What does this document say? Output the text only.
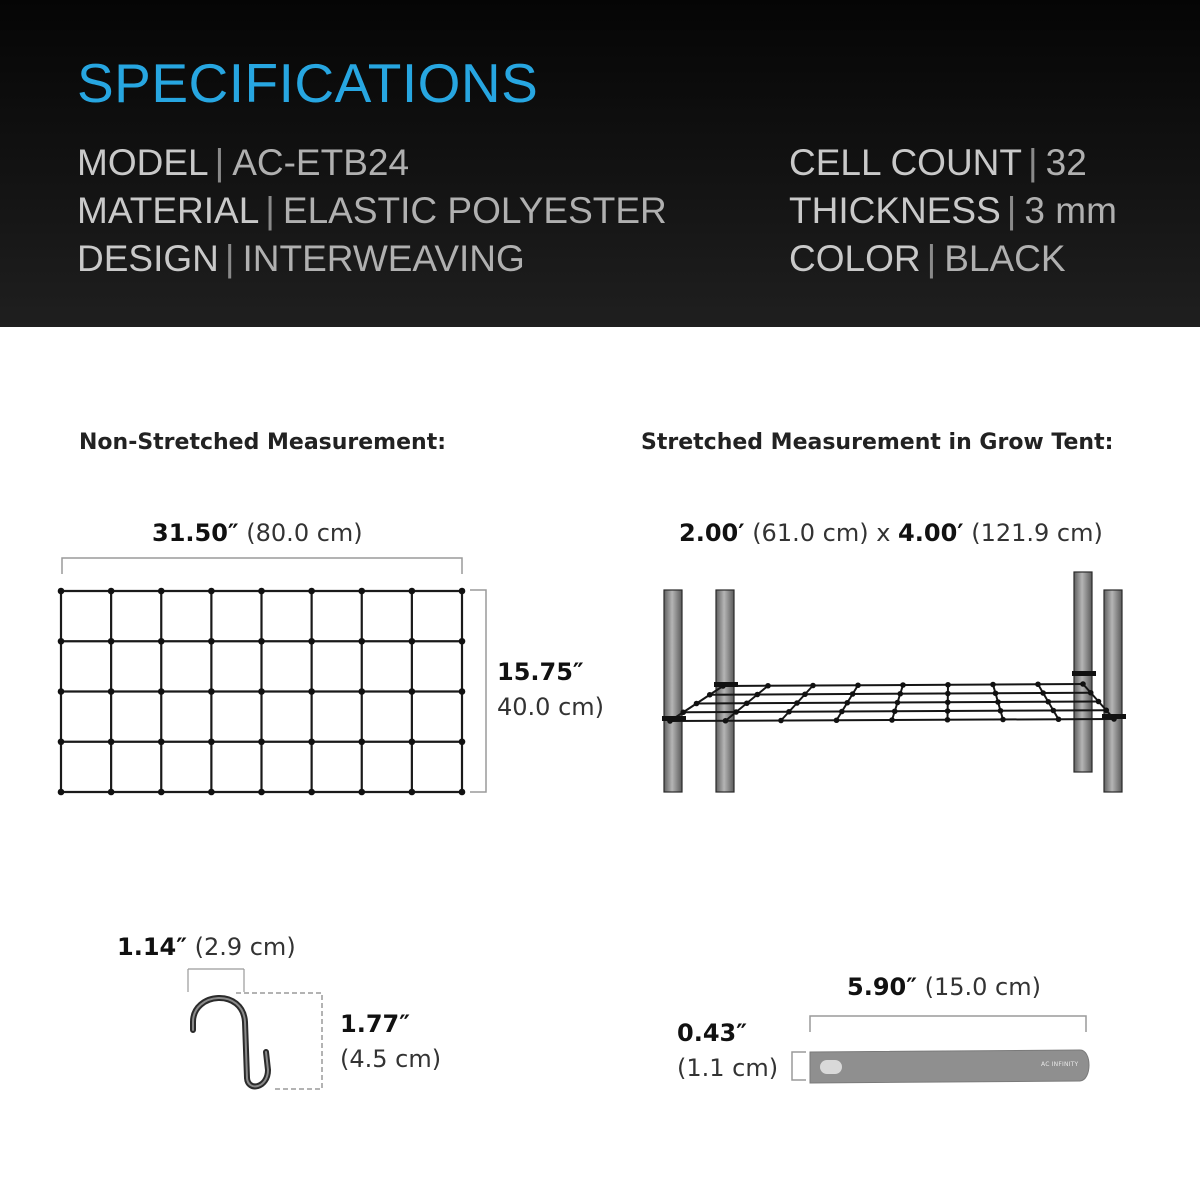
SPECIFICATIONS
MODEL | AC-ETB24
MATERIAL | ELASTIC POLYESTER
DESIGN | INTERWEAVING
CELL COUNT | 32
THICKNESS | 3 mm
COLOR | BLACK
Non-Stretched Measurement:	Stretched Measurement in Grow Tent:
31.50″ (80.0 cm)
15.75″
40.0 cm)
2.00′ (61.0 cm) x 4.00′ (121.9 cm)
1.14″ (2.9 cm)
1.77″
(4.5 cm)
5.90″ (15.0 cm)
0.43″
(1.1 cm)	AC INFINITY
